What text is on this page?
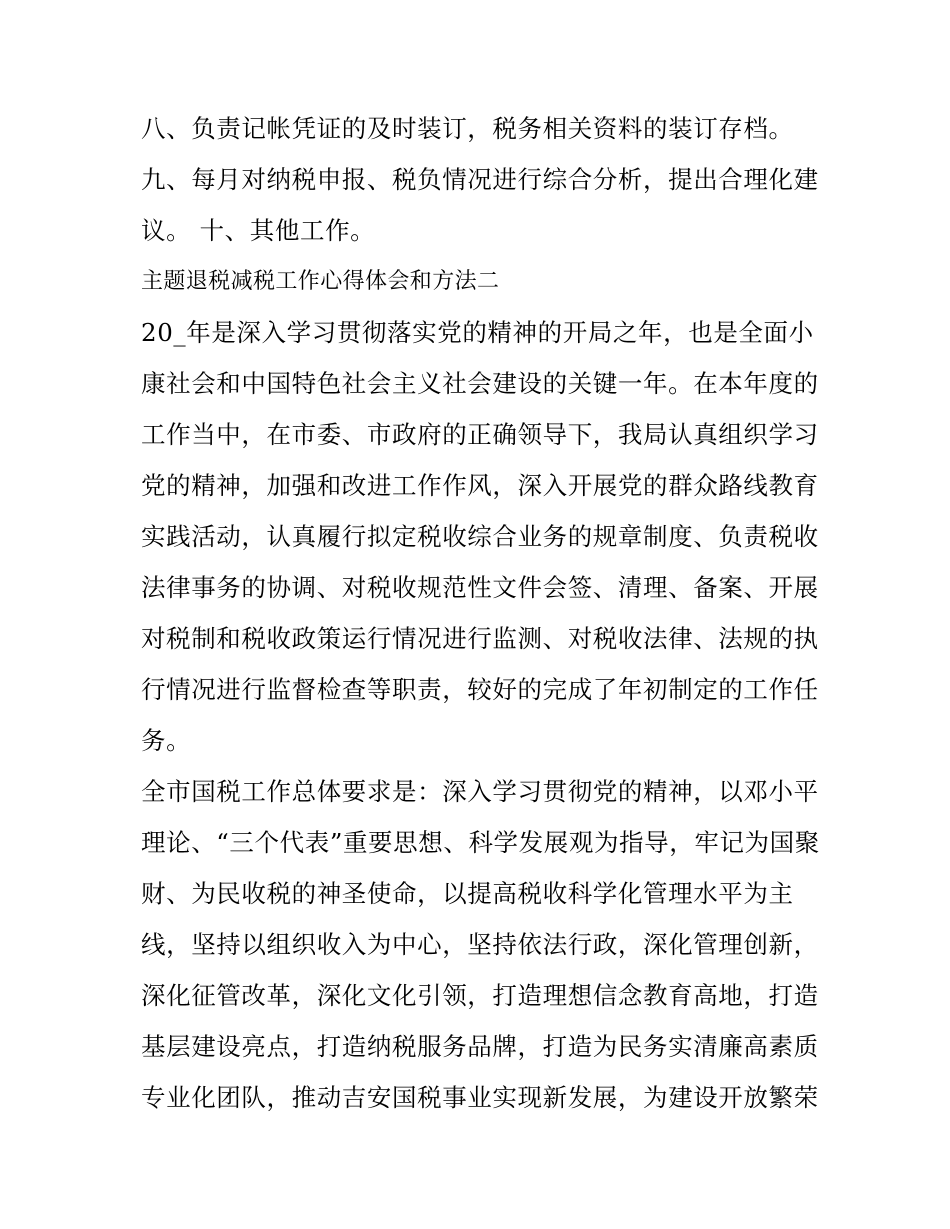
八、负责记帐凭证的及时装订，税务相关资料的装订存档。
九、每月对纳税申报、税负情况进行综合分析，提出合理化建
议。 十、其他工作。
主题退税减税工作心得体会和方法二
20_年是深入学习贯彻落实党的精神的开局之年，也是全面小
康社会和中国特色社会主义社会建设的关键一年。在本年度的
工作当中，在市委、市政府的正确领导下，我局认真组织学习
党的精神，加强和改进工作作风，深入开展党的群众路线教育
实践活动，认真履行拟定税收综合业务的规章制度、负责税收
法律事务的协调、对税收规范性文件会签、清理、备案、开展
对税制和税收政策运行情况进行监测、对税收法律、法规的执
行情况进行监督检查等职责，较好的完成了年初制定的工作任
务。
全市国税工作总体要求是：深入学习贯彻党的精神，以邓小平
理论、“三个代表”重要思想、科学发展观为指导，牢记为国聚
财、为民收税的神圣使命，以提高税收科学化管理水平为主
线，坚持以组织收入为中心，坚持依法行政，深化管理创新，
深化征管改革，深化文化引领，打造理想信念教育高地，打造
基层建设亮点，打造纳税服务品牌，打造为民务实清廉高素质
专业化团队，推动吉安国税事业实现新发展，为建设开放繁荣
